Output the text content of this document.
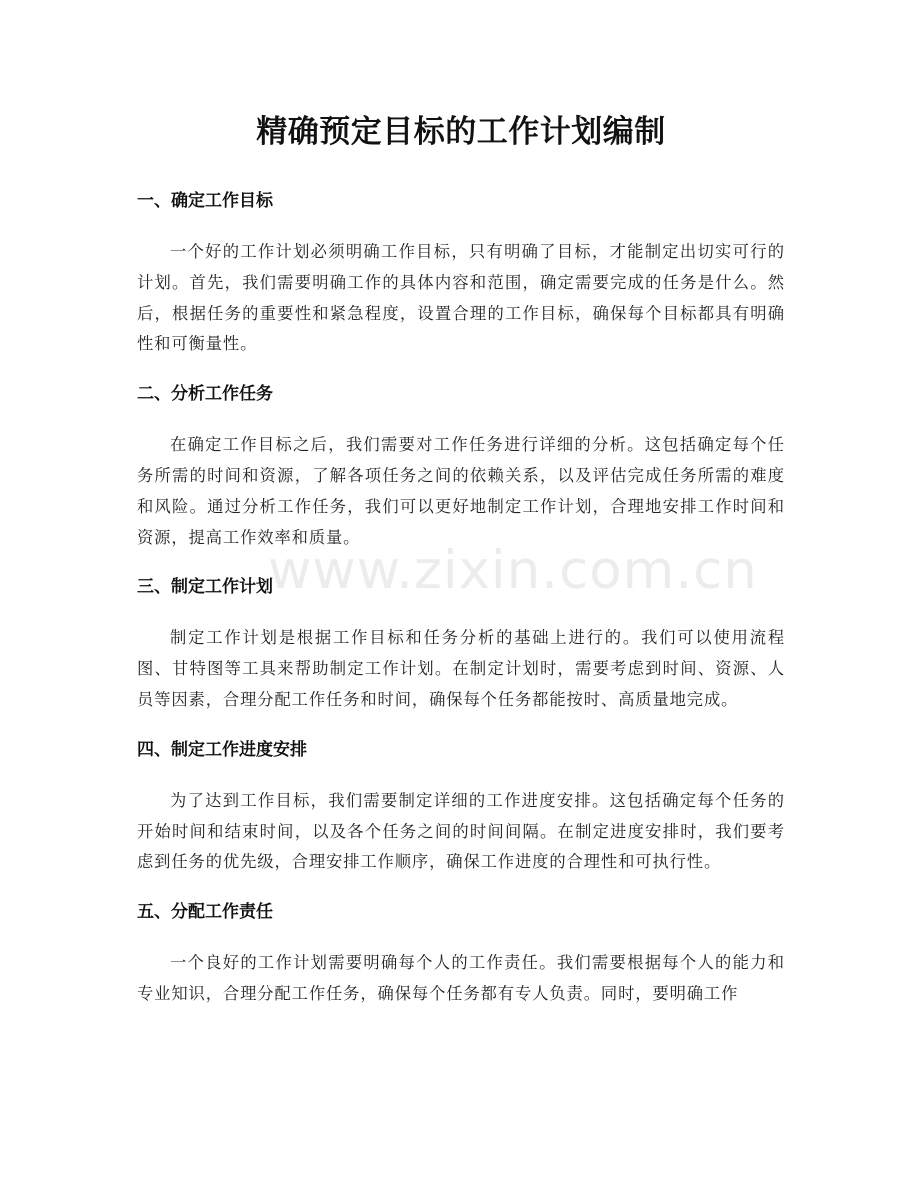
精确预定目标的工作计划编制
一、确定工作目标

一个好的工作计划必须明确工作目标，只有明确了目标，才能制定出切实可行的计划。首先，我们需要明确工作的具体内容和范围，确定需要完成的任务是什么。然后，根据任务的重要性和紧急程度，设置合理的工作目标，确保每个目标都具有明确性和可衡量性。

二、分析工作任务

在确定工作目标之后，我们需要对工作任务进行详细的分析。这包括确定每个任务所需的时间和资源，了解各项任务之间的依赖关系，以及评估完成任务所需的难度和风险。通过分析工作任务，我们可以更好地制定工作计划，合理地安排工作时间和资源，提高工作效率和质量。

三、制定工作计划

制定工作计划是根据工作目标和任务分析的基础上进行的。我们可以使用流程图、甘特图等工具来帮助制定工作计划。在制定计划时，需要考虑到时间、资源、人员等因素，合理分配工作任务和时间，确保每个任务都能按时、高质量地完成。

四、制定工作进度安排

为了达到工作目标，我们需要制定详细的工作进度安排。这包括确定每个任务的开始时间和结束时间，以及各个任务之间的时间间隔。在制定进度安排时，我们要考虑到任务的优先级，合理安排工作顺序，确保工作进度的合理性和可执行性。

五、分配工作责任

一个良好的工作计划需要明确每个人的工作责任。我们需要根据每个人的能力和专业知识，合理分配工作任务，确保每个任务都有专人负责。同时，要明确工作

www.zixin.com.cn
